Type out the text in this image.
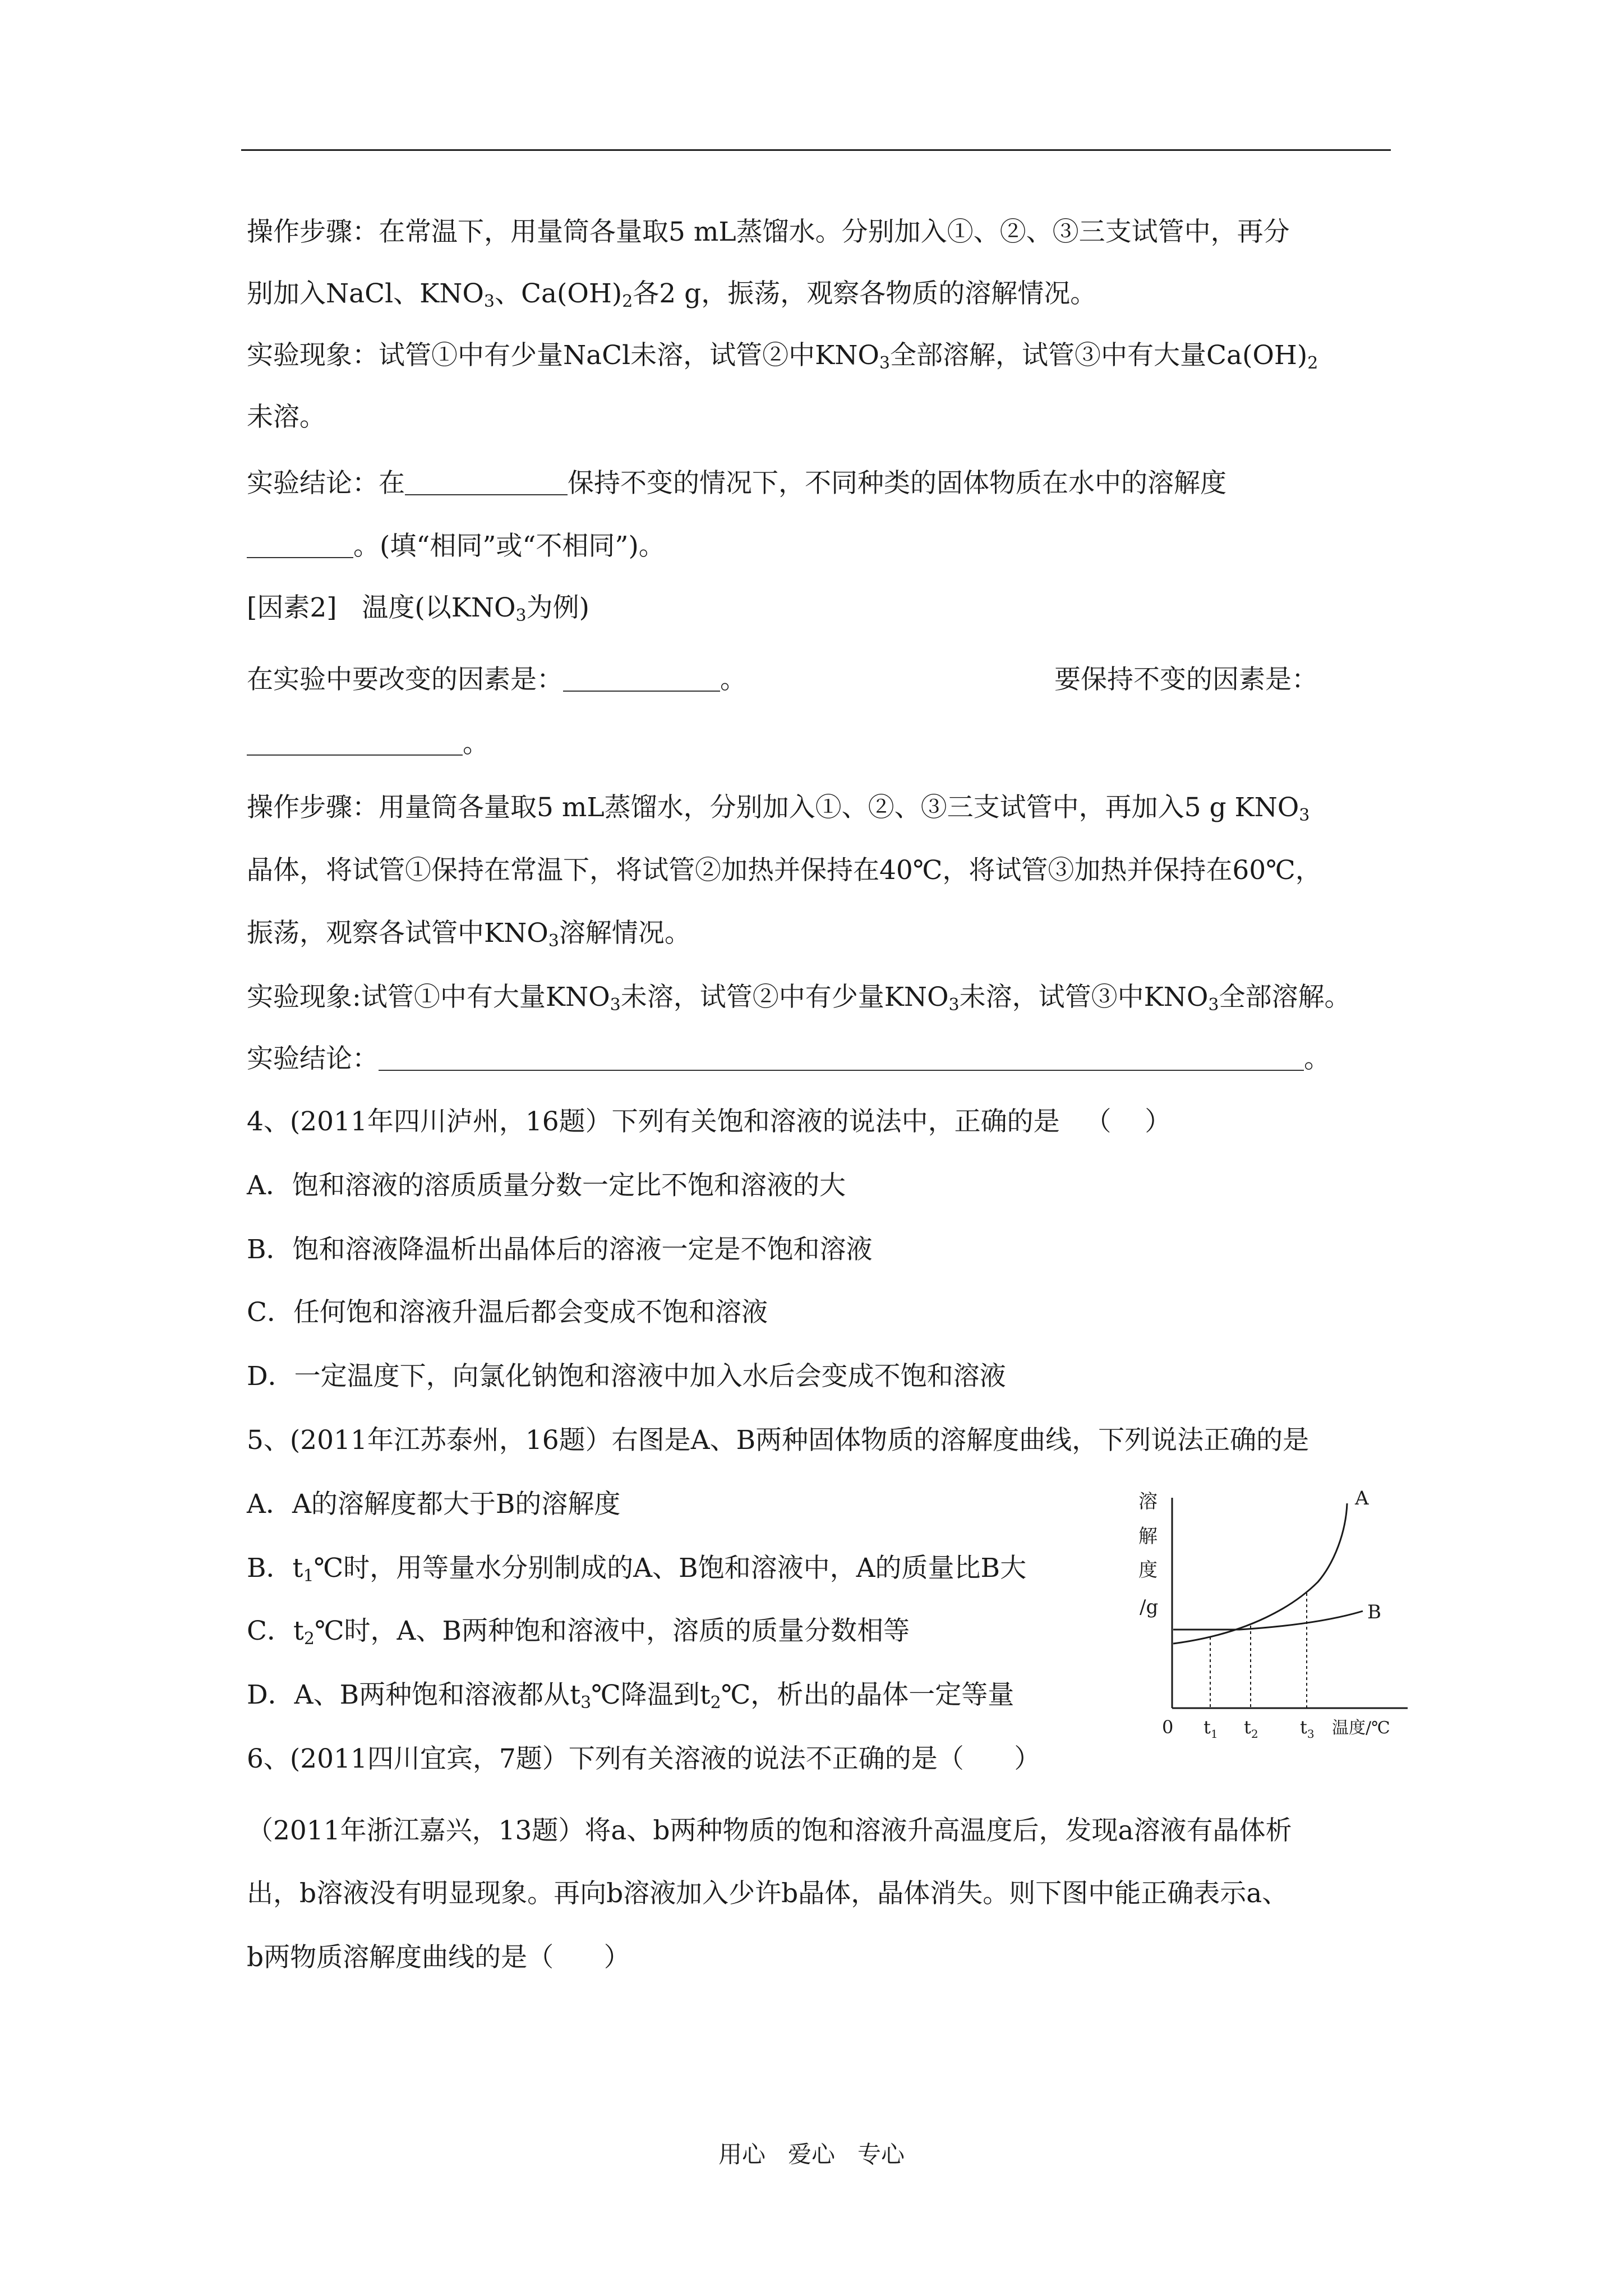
操作步骤：在常温下，用量筒各量取5 mL蒸馏水。分别加入①、②、③三支试管中，再分
别加入NaCl、$KNO_3$、$Ca(OH)_2$各2 g，振荡，观察各物质的溶解情况。
实验现象：试管①中有少量NaCl未溶，试管②中$KNO_3$全部溶解，试管③中有大量$Ca(OH)_2$
未溶。
实验结论：在	保持不变的情况下，不同种类的固体物质在水中的溶解度
。(填“相同”或“不相同”)。
[因素2]   温度(以$KNO_3$为例)
在实验中要改变的因素是：	。	要保持不变的因素是：
。
操作步骤：用量筒各量取5 mL蒸馏水，分别加入①、②、③三支试管中，再加入5 g $KNO_3$
晶体，将试管①保持在常温下，将试管②加热并保持在40℃，将试管③加热并保持在60℃，
振荡，观察各试管中$KNO_3$溶解情况。
实验现象:试管①中有大量$KNO_3$未溶，试管②中有少量$KNO_3$未溶，试管③中$KNO_3$全部溶解。
实验结论：	。
4、(2011年四川泸州，16题）下列有关饱和溶液的说法中，正确的是   （    ）
A．饱和溶液的溶质质量分数一定比不饱和溶液的大
B．饱和溶液降温析出晶体后的溶液一定是不饱和溶液
C．任何饱和溶液升温后都会变成不饱和溶液
D．一定温度下，向氯化钠饱和溶液中加入水后会变成不饱和溶液
5、(2011年江苏泰州，16题）右图是A、B两种固体物质的溶解度曲线，下列说法正确的是
A．A的溶解度都大于B的溶解度
B．$t_1℃$时，用等量水分别制成的A、B饱和溶液中，A的质量比B大
C．$t_2℃$时，A、B两种饱和溶液中，溶质的质量分数相等
D．A、B两种饱和溶液都从$t_3℃$降温到$t_2℃$，析出的晶体一定等量
溶
解
度
/g
A
B
0 $t_1$ $t_2$ $t_3$ 温度/℃
6、(2011四川宜宾，7题）下列有关溶液的说法不正确的是（      ）
（2011年浙江嘉兴，13题）将a、b两种物质的饱和溶液升高温度后，发现a溶液有晶体析
出，b溶液没有明显现象。再向b溶液加入少许b晶体，晶体消失。则下图中能正确表示a、
b两物质溶解度曲线的是（      ）
用心   爱心   专心
